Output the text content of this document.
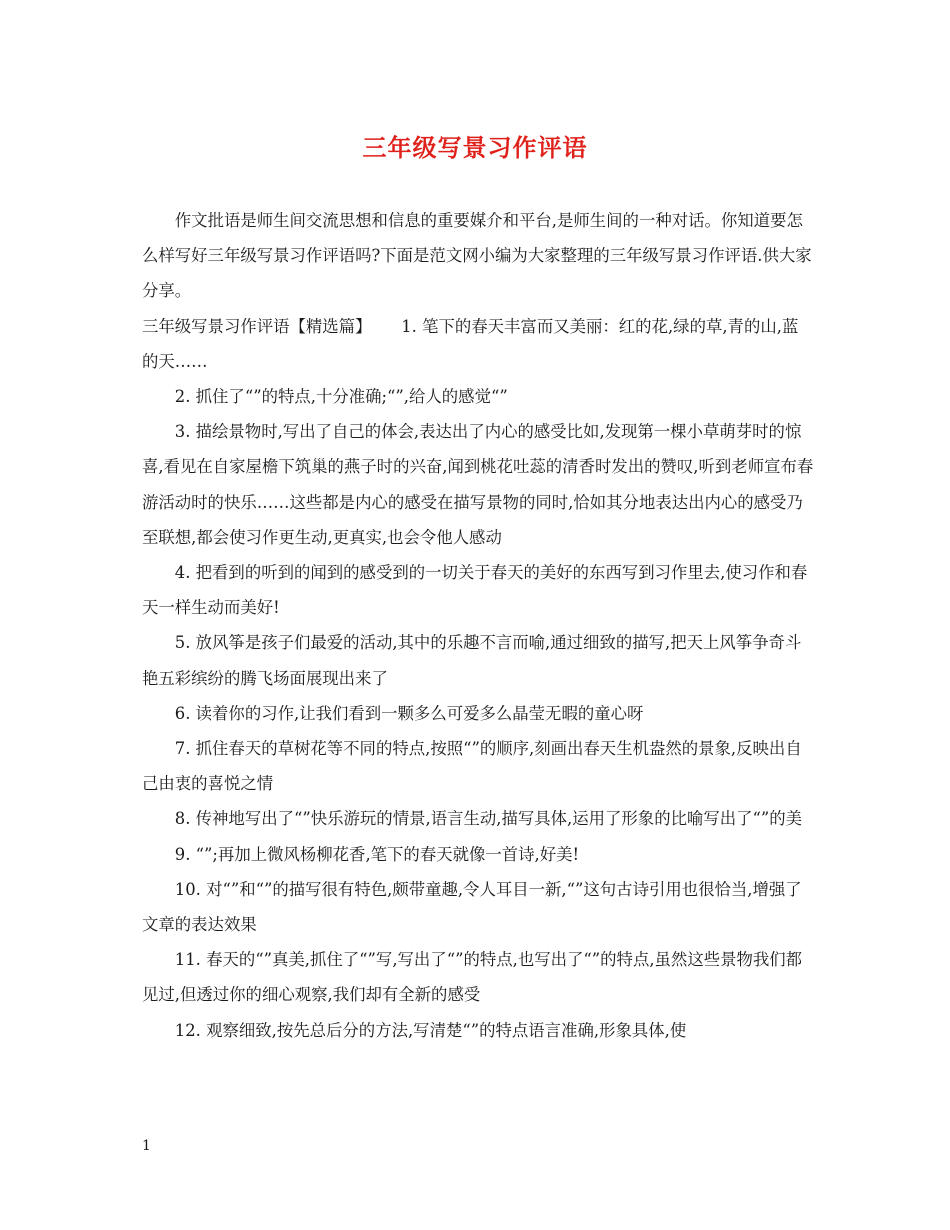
三年级写景习作评语

作文批语是师生间交流思想和信息的重要媒介和平台,是师生间的一种对话。你知道要怎么样写好三年级写景习作评语吗?下面是范文网小编为大家整理的三年级写景习作评语.供大家分享。

三年级写景习作评语【精选篇】　　 1. 笔下的春天丰富而又美丽：红的花,绿的草,青的山,蓝的天……

2. 抓住了“”的特点,十分准确;“”,给人的感觉“”

3. 描绘景物时,写出了自己的体会,表达出了内心的感受比如,发现第一棵小草萌芽时的惊喜,看见在自家屋檐下筑巢的燕子时的兴奋,闻到桃花吐蕊的清香时发出的赞叹,听到老师宣布春游活动时的快乐……这些都是内心的感受在描写景物的同时,恰如其分地表达出内心的感受乃至联想,都会使习作更生动,更真实,也会令他人感动

4. 把看到的听到的闻到的感受到的一切关于春天的美好的东西写到习作里去,使习作和春天一样生动而美好!

5. 放风筝是孩子们最爱的活动,其中的乐趣不言而喻,通过细致的描写,把天上风筝争奇斗艳五彩缤纷的腾飞场面展现出来了

6. 读着你的习作,让我们看到一颗多么可爱多么晶莹无暇的童心呀

7. 抓住春天的草树花等不同的特点,按照“”的顺序,刻画出春天生机盎然的景象,反映出自己由衷的喜悦之情

8. 传神地写出了“”快乐游玩的情景,语言生动,描写具体,运用了形象的比喻写出了“”的美

9. “”;再加上微风杨柳花香,笔下的春天就像一首诗,好美!

10. 对“”和“”的描写很有特色,颇带童趣,令人耳目一新,“”这句古诗引用也很恰当,增强了文章的表达效果

11. 春天的“”真美,抓住了“”写,写出了“”的特点,也写出了“”的特点,虽然这些景物我们都见过,但透过你的细心观察,我们却有全新的感受

12. 观察细致,按先总后分的方法,写清楚“”的特点语言准确,形象具体,使

1
